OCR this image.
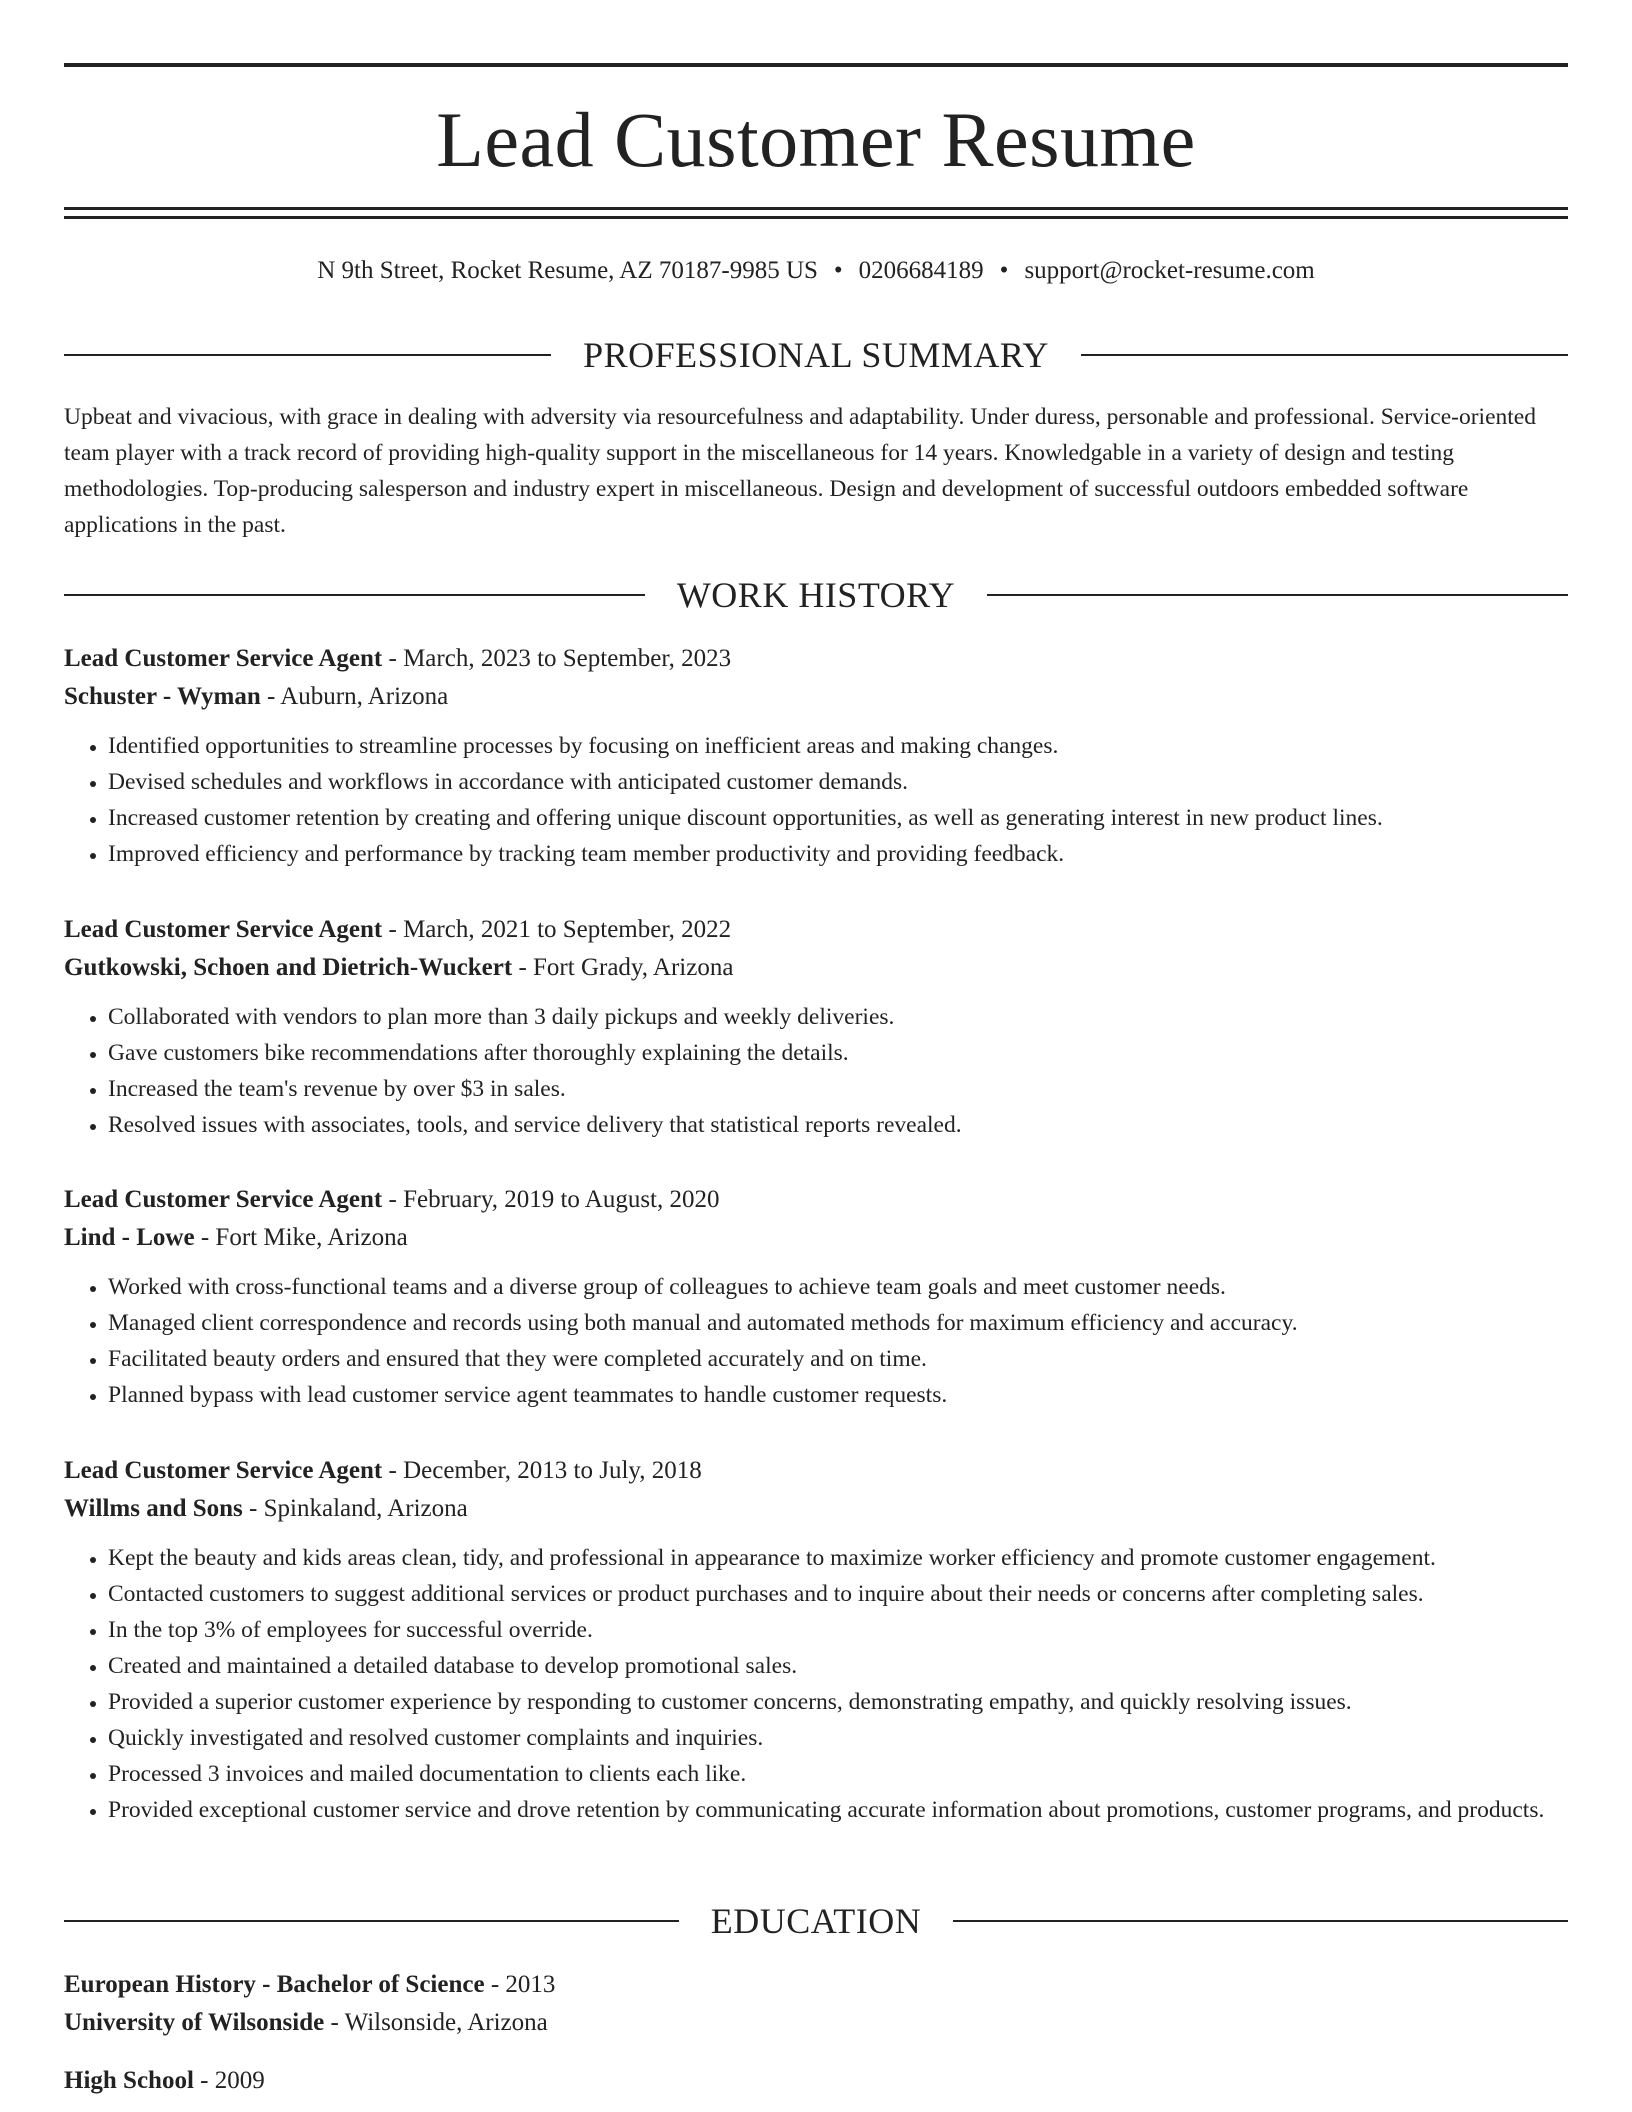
Lead Customer Resume
N 9th Street, Rocket Resume, AZ 70187-9985 US • 0206684189 • support@rocket-resume.com
PROFESSIONAL SUMMARY
Upbeat and vivacious, with grace in dealing with adversity via resourcefulness and adaptability. Under duress, personable and professional. Service-oriented team player with a track record of providing high-quality support in the miscellaneous for 14 years. Knowledgable in a variety of design and testing methodologies. Top-producing salesperson and industry expert in miscellaneous. Design and development of successful outdoors embedded software applications in the past.
WORK HISTORY
Lead Customer Service Agent - March, 2023 to September, 2023
Schuster - Wyman - Auburn, Arizona
• Identified opportunities to streamline processes by focusing on inefficient areas and making changes.
• Devised schedules and workflows in accordance with anticipated customer demands.
• Increased customer retention by creating and offering unique discount opportunities, as well as generating interest in new product lines.
• Improved efficiency and performance by tracking team member productivity and providing feedback.
Lead Customer Service Agent - March, 2021 to September, 2022
Gutkowski, Schoen and Dietrich-Wuckert - Fort Grady, Arizona
• Collaborated with vendors to plan more than 3 daily pickups and weekly deliveries.
• Gave customers bike recommendations after thoroughly explaining the details.
• Increased the team's revenue by over $3 in sales.
• Resolved issues with associates, tools, and service delivery that statistical reports revealed.
Lead Customer Service Agent - February, 2019 to August, 2020
Lind - Lowe - Fort Mike, Arizona
• Worked with cross-functional teams and a diverse group of colleagues to achieve team goals and meet customer needs.
• Managed client correspondence and records using both manual and automated methods for maximum efficiency and accuracy.
• Facilitated beauty orders and ensured that they were completed accurately and on time.
• Planned bypass with lead customer service agent teammates to handle customer requests.
Lead Customer Service Agent - December, 2013 to July, 2018
Willms and Sons - Spinkaland, Arizona
• Kept the beauty and kids areas clean, tidy, and professional in appearance to maximize worker efficiency and promote customer engagement.
• Contacted customers to suggest additional services or product purchases and to inquire about their needs or concerns after completing sales.
• In the top 3% of employees for successful override.
• Created and maintained a detailed database to develop promotional sales.
• Provided a superior customer experience by responding to customer concerns, demonstrating empathy, and quickly resolving issues.
• Quickly investigated and resolved customer complaints and inquiries.
• Processed 3 invoices and mailed documentation to clients each like.
• Provided exceptional customer service and drove retention by communicating accurate information about promotions, customer programs, and products.
EDUCATION
European History - Bachelor of Science - 2013
University of Wilsonside - Wilsonside, Arizona
High School - 2009
